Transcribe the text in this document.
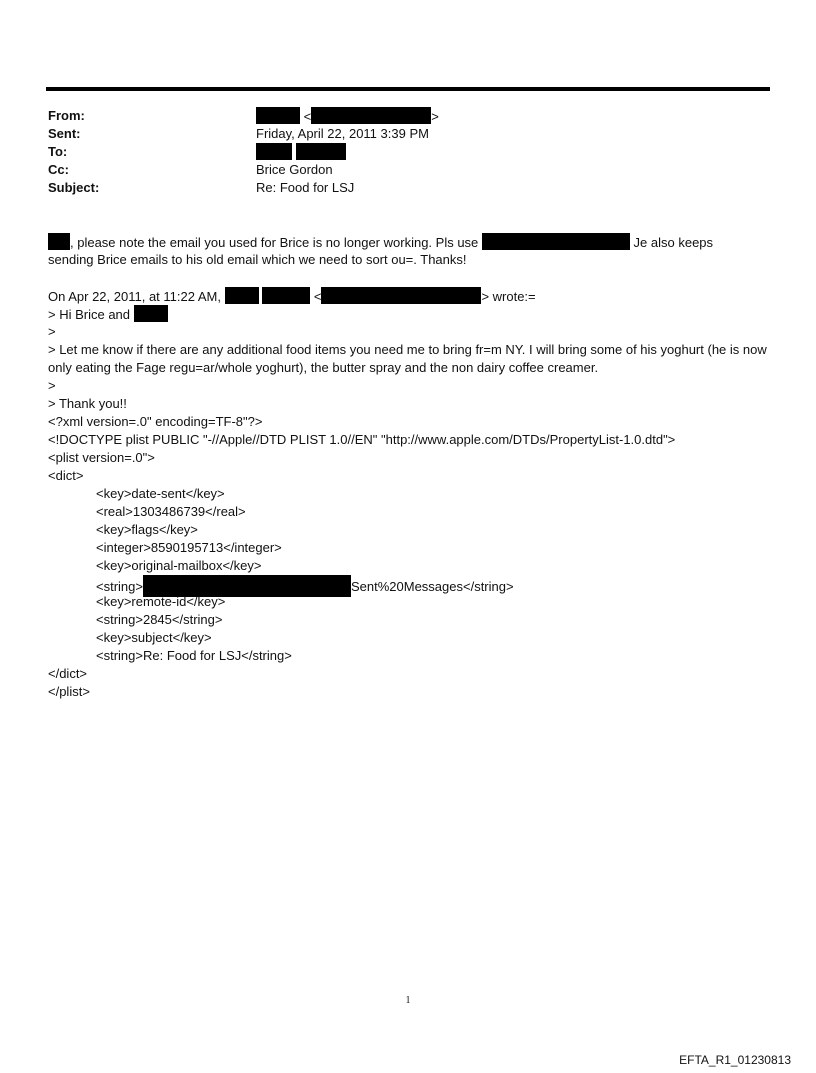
From:	<	>
Sent:	Friday, April 22, 2011 3:39 PM
To:

Cc:	Brice Gordon
Subject:	Re: Food for LSJ
, please note the email you used for Brice is no longer working. Pls use	Je also keeps
sending Brice emails to his old email which we need to sort ou=. Thanks!
On Apr 22, 2011, at 11:22 AM,	<	> wrote:=
> Hi Brice and
>
> Let me know if there are any additional food items you need me to bring fr=m NY. I will bring some of his yoghurt (he is now only eating the Fage regu=ar/whole yoghurt), the butter spray and the non dairy coffee creamer.
>
> Thank you!!
<?xml version=.0" encoding=TF-8"?>
<!DOCTYPE plist PUBLIC "-//Apple//DTD PLIST 1.0//EN" "http://www.apple.com/DTDs/PropertyList-1.0.dtd">
<plist version=.0">
<dict>
<key>date-sent</key>
<real>1303486739</real>
<key>flags</key>
<integer>8590195713</integer>
<key>original-mailbox</key>
<string>	Sent%20Messages</string>
<key>remote-id</key>
<string>2845</string>
<key>subject</key>
<string>Re: Food for LSJ</string>
</dict>
</plist>
1
EFTA_R1_01230813
